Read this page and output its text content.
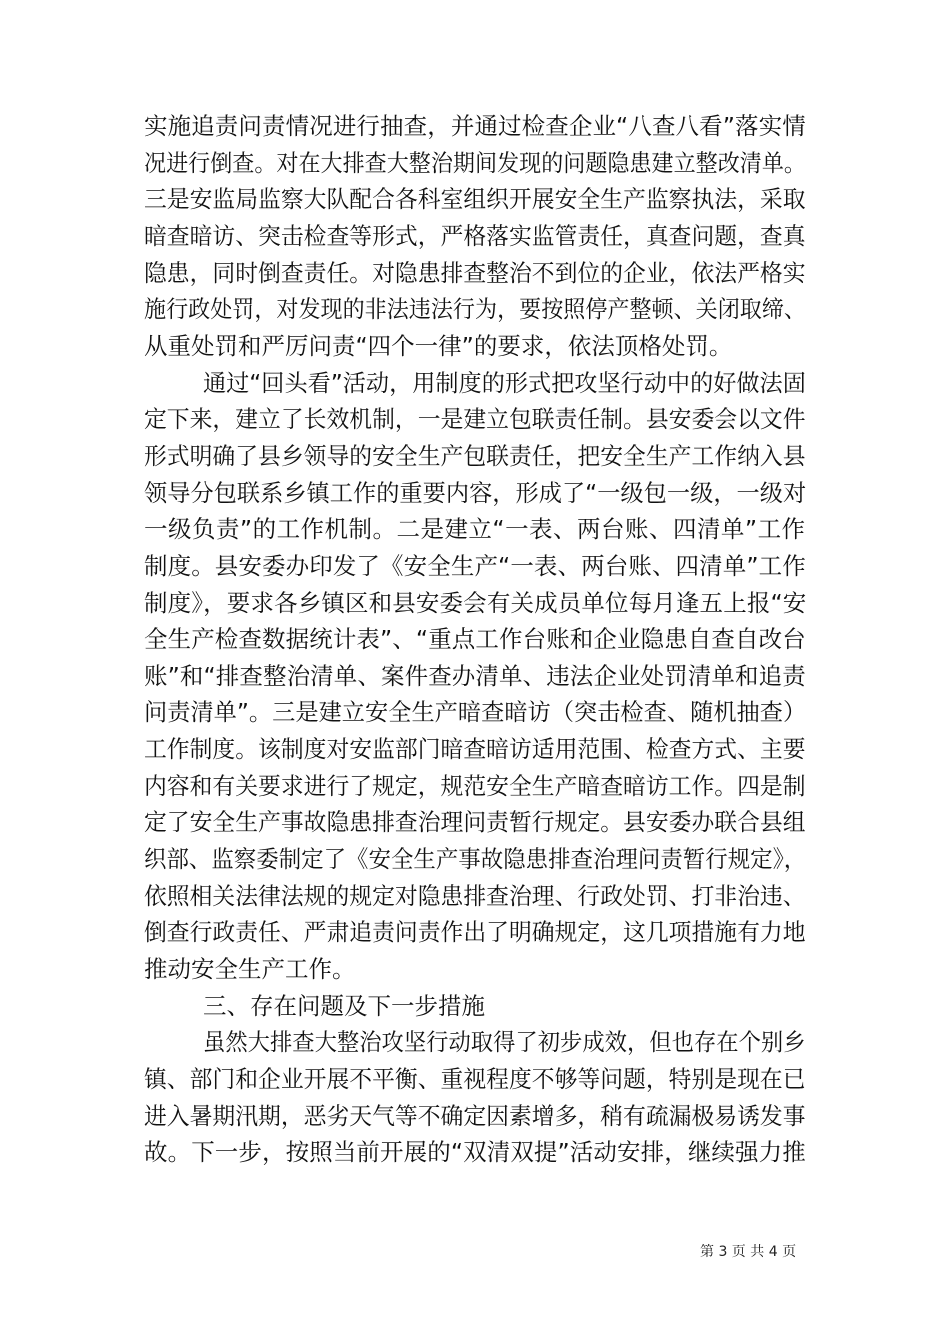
实施追责问责情况进行抽查，并通过检查企业“八查八看”落实情
况进行倒查。对在大排查大整治期间发现的问题隐患建立整改清单。
三是安监局监察大队配合各科室组织开展安全生产监察执法，采取
暗查暗访、突击检查等形式，严格落实监管责任，真查问题，查真
隐患，同时倒查责任。对隐患排查整治不到位的企业，依法严格实
施行政处罚，对发现的非法违法行为，要按照停产整顿、关闭取缔、
从重处罚和严厉问责“四个一律”的要求，依法顶格处罚。
通过“回头看”活动，用制度的形式把攻坚行动中的好做法固
定下来，建立了长效机制，一是建立包联责任制。县安委会以文件
形式明确了县乡领导的安全生产包联责任，把安全生产工作纳入县
领导分包联系乡镇工作的重要内容，形成了“一级包一级，一级对
一级负责”的工作机制。二是建立“一表、两台账、四清单”工作
制度。县安委办印发了《安全生产“一表、两台账、四清单”工作
制度》，要求各乡镇区和县安委会有关成员单位每月逢五上报“安
全生产检查数据统计表”、“重点工作台账和企业隐患自查自改台
账”和“排查整治清单、案件查办清单、违法企业处罚清单和追责
问责清单”。三是建立安全生产暗查暗访（突击检查、随机抽查）
工作制度。该制度对安监部门暗查暗访适用范围、检查方式、主要
内容和有关要求进行了规定，规范安全生产暗查暗访工作。四是制
定了安全生产事故隐患排查治理问责暂行规定。县安委办联合县组
织部、监察委制定了《安全生产事故隐患排查治理问责暂行规定》，
依照相关法律法规的规定对隐患排查治理、行政处罚、打非治违、
倒查行政责任、严肃追责问责作出了明确规定，这几项措施有力地
推动安全生产工作。
三、存在问题及下一步措施
虽然大排查大整治攻坚行动取得了初步成效，但也存在个别乡
镇、部门和企业开展不平衡、重视程度不够等问题，特别是现在已
进入暑期汛期，恶劣天气等不确定因素增多，稍有疏漏极易诱发事
故。下一步，按照当前开展的“双清双提”活动安排，继续强力推
第 3 页 共 4 页
